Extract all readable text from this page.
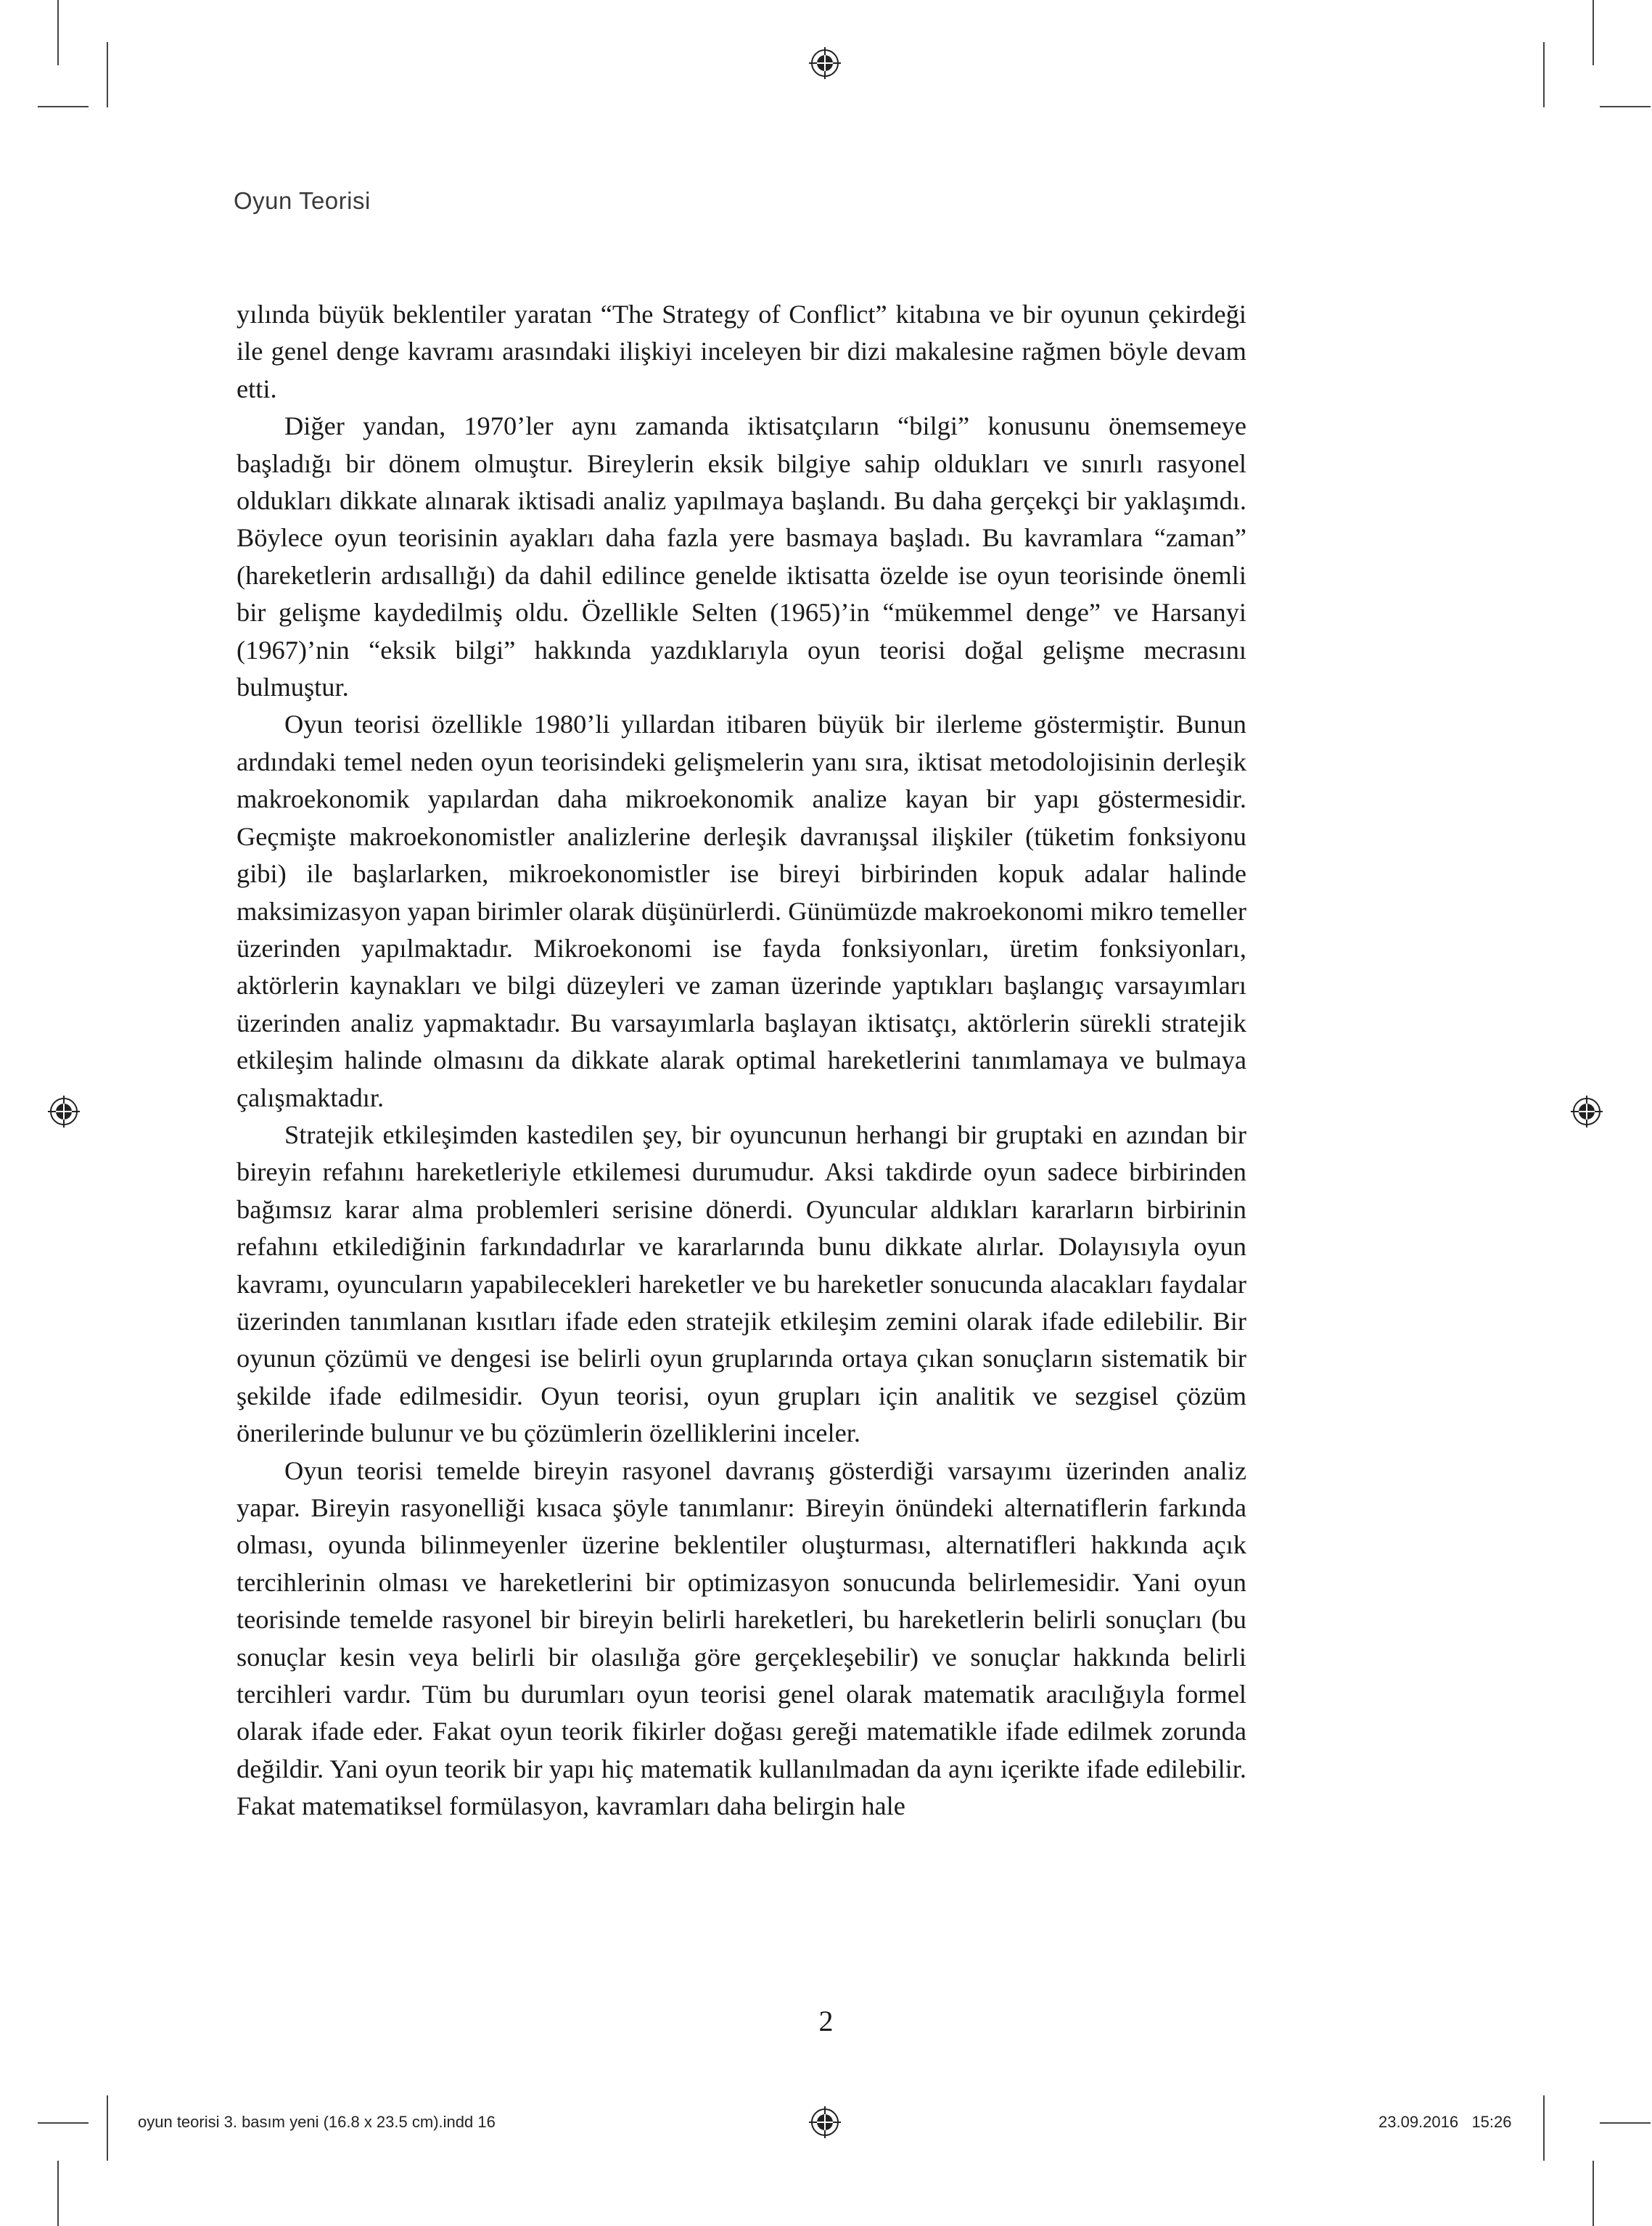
Oyun Teorisi

yılında büyük beklentiler yaratan “The Strategy of Conflict” kitabına ve bir oyunun çekirdeği ile genel denge kavramı arasındaki ilişkiyi inceleyen bir dizi makalesine rağmen böyle devam etti.

Diğer yandan, 1970’ler aynı zamanda iktisatçıların “bilgi” konusunu önemsemeye başladığı bir dönem olmuştur. Bireylerin eksik bilgiye sahip oldukları ve sınırlı rasyonel oldukları dikkate alınarak iktisadi analiz yapılmaya başlandı. Bu daha gerçekçi bir yaklaşımdı. Böylece oyun teorisinin ayakları daha fazla yere basmaya başladı. Bu kavramlara “zaman” (hareketlerin ardısallığı) da dahil edilince genelde iktisatta özelde ise oyun teorisinde önemli bir gelişme kaydedilmiş oldu. Özellikle Selten (1965)’in “mükemmel denge” ve Harsanyi (1967)’nin “eksik bilgi” hakkında yazdıklarıyla oyun teorisi doğal gelişme mecrasını bulmuştur.

Oyun teorisi özellikle 1980’li yıllardan itibaren büyük bir ilerleme göstermiştir. Bunun ardındaki temel neden oyun teorisindeki gelişmelerin yanı sıra, iktisat metodolojisinin derleşik makroekonomik yapılardan daha mikroekonomik analize kayan bir yapı göstermesidir. Geçmişte makroekonomistler analizlerine derleşik davranışsal ilişkiler (tüketim fonksiyonu gibi) ile başlarlarken, mikroekonomistler ise bireyi birbirinden kopuk adalar halinde maksimizasyon yapan birimler olarak düşünürlerdi. Günümüzde makroekonomi mikro temeller üzerinden yapılmaktadır. Mikroekonomi ise fayda fonksiyonları, üretim fonksiyonları, aktörlerin kaynakları ve bilgi düzeyleri ve zaman üzerinde yaptıkları başlangıç varsayımları üzerinden analiz yapmaktadır. Bu varsayımlarla başlayan iktisatçı, aktörlerin sürekli stratejik etkileşim halinde olmasını da dikkate alarak optimal hareketlerini tanımlamaya ve bulmaya çalışmaktadır.

Stratejik etkileşimden kastedilen şey, bir oyuncunun herhangi bir gruptaki en azından bir bireyin refahını hareketleriyle etkilemesi durumudur. Aksi takdirde oyun sadece birbirinden bağımsız karar alma problemleri serisine dönerdi. Oyuncular aldıkları kararların birbirinin refahını etkilediğinin farkındadırlar ve kararlarında bunu dikkate alırlar. Dolayısıyla oyun kavramı, oyuncuların yapabilecekleri hareketler ve bu hareketler sonucunda alacakları faydalar üzerinden tanımlanan kısıtları ifade eden stratejik etkileşim zemini olarak ifade edilebilir. Bir oyunun çözümü ve dengesi ise belirli oyun gruplarında ortaya çıkan sonuçların sistematik bir şekilde ifade edilmesidir. Oyun teorisi, oyun grupları için analitik ve sezgisel çözüm önerilerinde bulunur ve bu çözümlerin özelliklerini inceler.

Oyun teorisi temelde bireyin rasyonel davranış gösterdiği varsayımı üzerinden analiz yapar. Bireyin rasyonelliği kısaca şöyle tanımlanır: Bireyin önündeki alternatiflerin farkında olması, oyunda bilinmeyenler üzerine beklentiler oluşturması, alternatifleri hakkında açık tercihlerinin olması ve hareketlerini bir optimizasyon sonucunda belirlemesidir. Yani oyun teorisinde temelde rasyonel bir bireyin belirli hareketleri, bu hareketlerin belirli sonuçları (bu sonuçlar kesin veya belirli bir olasılığa göre gerçekleşebilir) ve sonuçlar hakkında belirli tercihleri vardır. Tüm bu durumları oyun teorisi genel olarak matematik aracılığıyla formel olarak ifade eder. Fakat oyun teorik fikirler doğası gereği matematikle ifade edilmek zorunda değildir. Yani oyun teorik bir yapı hiç matematik kullanılmadan da aynı içerikte ifade edilebilir. Fakat matematiksel formülasyon, kavramları daha belirgin hale

2
oyun teorisi 3. basım yeni (16.8 x 23.5 cm).indd 16	23.09.2016   15:26
